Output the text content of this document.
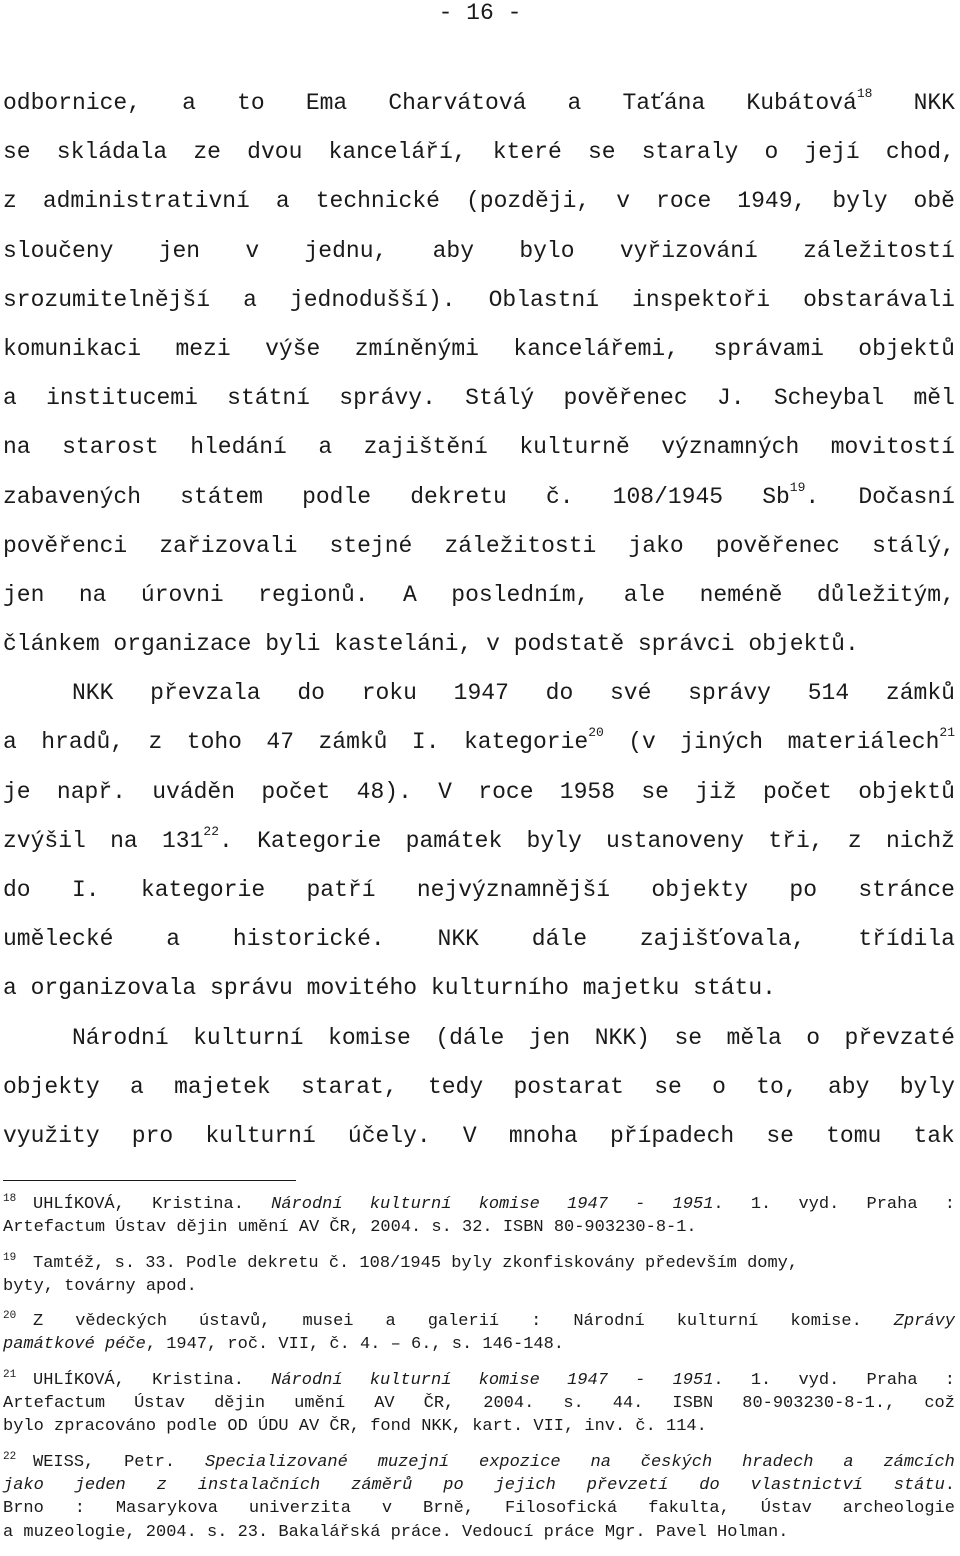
- 16 -
odbornice, a to Ema Charvátová a Taťána Kubátová$^{18}$ NKK
se skládala ze dvou kanceláří, které se staraly o její chod,
z administrativní a technické (později, v roce 1949, byly obě
sloučeny jen v jednu, aby bylo vyřizování záležitostí
srozumitelnější a jednodušší). Oblastní inspektoři obstarávali
komunikaci mezi výše zmíněnými kancelářemi, správami objektů
a institucemi státní správy. Stálý pověřenec J. Scheybal měl
na starost hledání a zajištění kulturně významných movitostí
zabavených státem podle dekretu č. 108/1945 Sb$^{19}$. Dočasní
pověřenci zařizovali stejné záležitosti jako pověřenec stálý,
jen na úrovni regionů. A posledním, ale neméně důležitým,
článkem organizace byli kasteláni, v podstatě správci objektů.
NKK převzala do roku 1947 do své správy 514 zámků
a hradů, z toho 47 zámků I. kategorie$^{20}$ (v jiných materiálech$^{21}$
je např. uváděn počet 48). V roce 1958 se již počet objektů
zvýšil na $131^{22}$. Kategorie památek byly ustanoveny tři, z nichž
do I. kategorie patří nejvýznamnější objekty po stránce
umělecké a historické. NKK dále zajišťovala, třídila
a organizovala správu movitého kulturního majetku státu.
Národní kulturní komise (dále jen NKK) se měla o převzaté
objekty a majetek starat, tedy postarat se o to, aby byly
využity pro kulturní účely. V mnoha případech se tomu tak
$^{18}$  UHLÍKOVÁ, Kristina. Národní kulturní komise 1947 - 1951. 1. vyd. Praha :
Artefactum Ústav dějin umění AV ČR, 2004. s. 32. ISBN 80-903230-8-1.
$^{19}$  Tamtéž, s. 33. Podle dekretu č. 108/1945 byly zkonfiskovány především domy,
byty, továrny apod.
$^{20}$  Z vědeckých ústavů, musei a galerií : Národní kulturní komise. Zprávy
památkové péče, 1947, roč. VII, č. 4. – 6., s. 146-148.
$^{21}$  UHLÍKOVÁ, Kristina. Národní kulturní komise 1947 - 1951. 1. vyd. Praha :
Artefactum Ústav dějin umění AV ČR, 2004. s. 44. ISBN 80-903230-8-1., což
bylo zpracováno podle OD ÚDU AV ČR, fond NKK, kart. VII, inv. č. 114.
$^{22}$  WEISS, Petr. Specializované muzejní expozice na českých hradech a zámcích
jako jeden z instalačních záměrů po jejich převzetí do vlastnictví státu.
Brno : Masarykova univerzita v Brně, Filosofická fakulta, Ústav archeologie
a muzeologie, 2004. s. 23. Bakalářská práce. Vedoucí práce Mgr. Pavel Holman.
